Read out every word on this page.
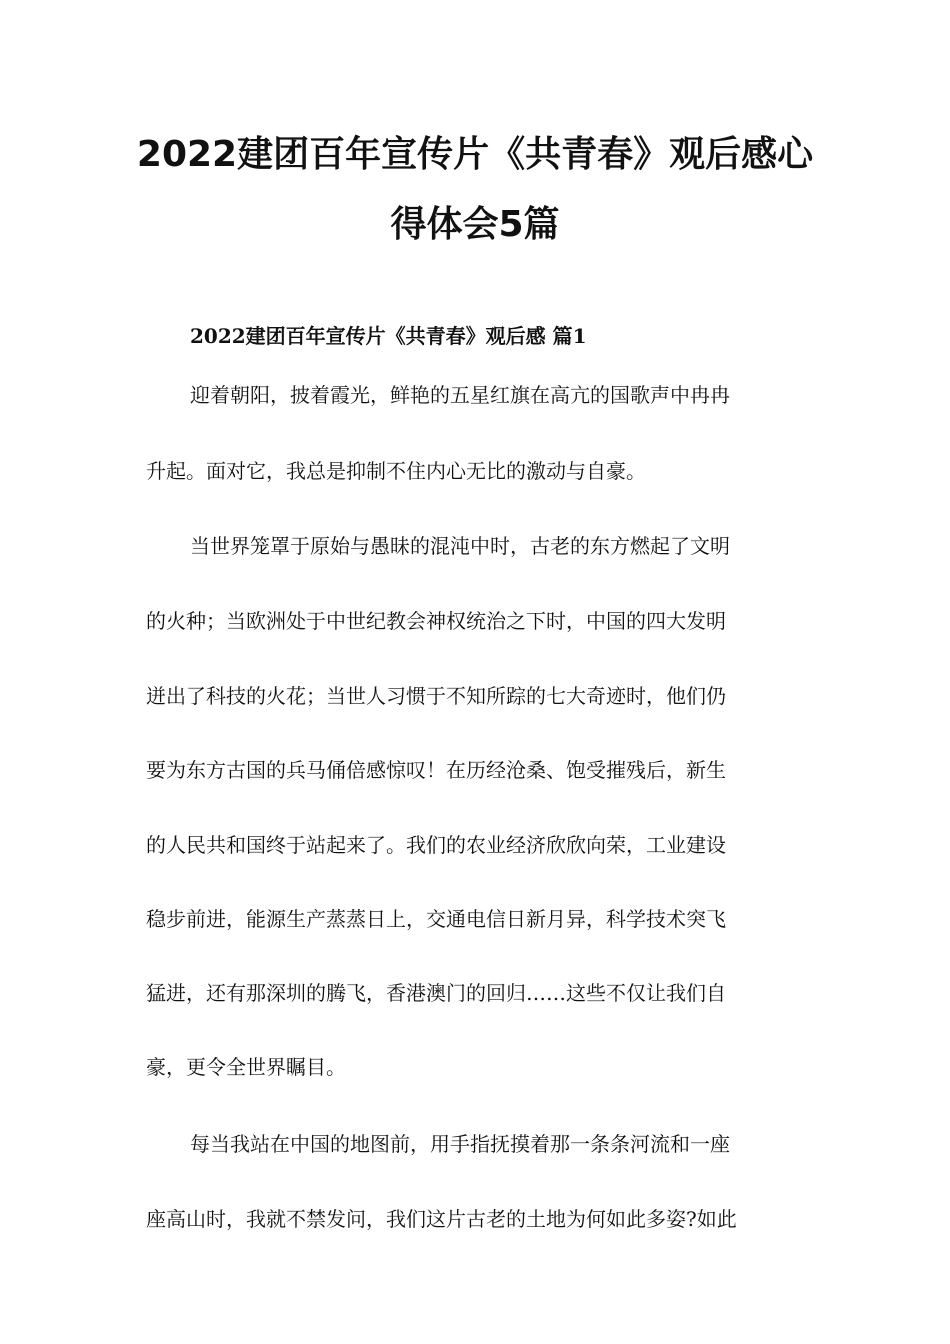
2022建团百年宣传片《共青春》观后感心
得体会5篇
2022建团百年宣传片《共青春》观后感 篇1
迎着朝阳，披着霞光，鲜艳的五星红旗在高亢的国歌声中冉冉
升起。面对它，我总是抑制不住内心无比的激动与自豪。
当世界笼罩于原始与愚昧的混沌中时，古老的东方燃起了文明
的火种；当欧洲处于中世纪教会神权统治之下时，中国的四大发明
迸出了科技的火花；当世人习惯于不知所踪的七大奇迹时，他们仍
要为东方古国的兵马俑倍感惊叹！在历经沧桑、饱受摧残后，新生
的人民共和国终于站起来了。我们的农业经济欣欣向荣，工业建设
稳步前进，能源生产蒸蒸日上，交通电信日新月异，科学技术突飞
猛进，还有那深圳的腾飞，香港澳门的回归……这些不仅让我们自
豪，更令全世界瞩目。
每当我站在中国的地图前，用手指抚摸着那一条条河流和一座
座高山时，我就不禁发问，我们这片古老的土地为何如此多姿?如此
